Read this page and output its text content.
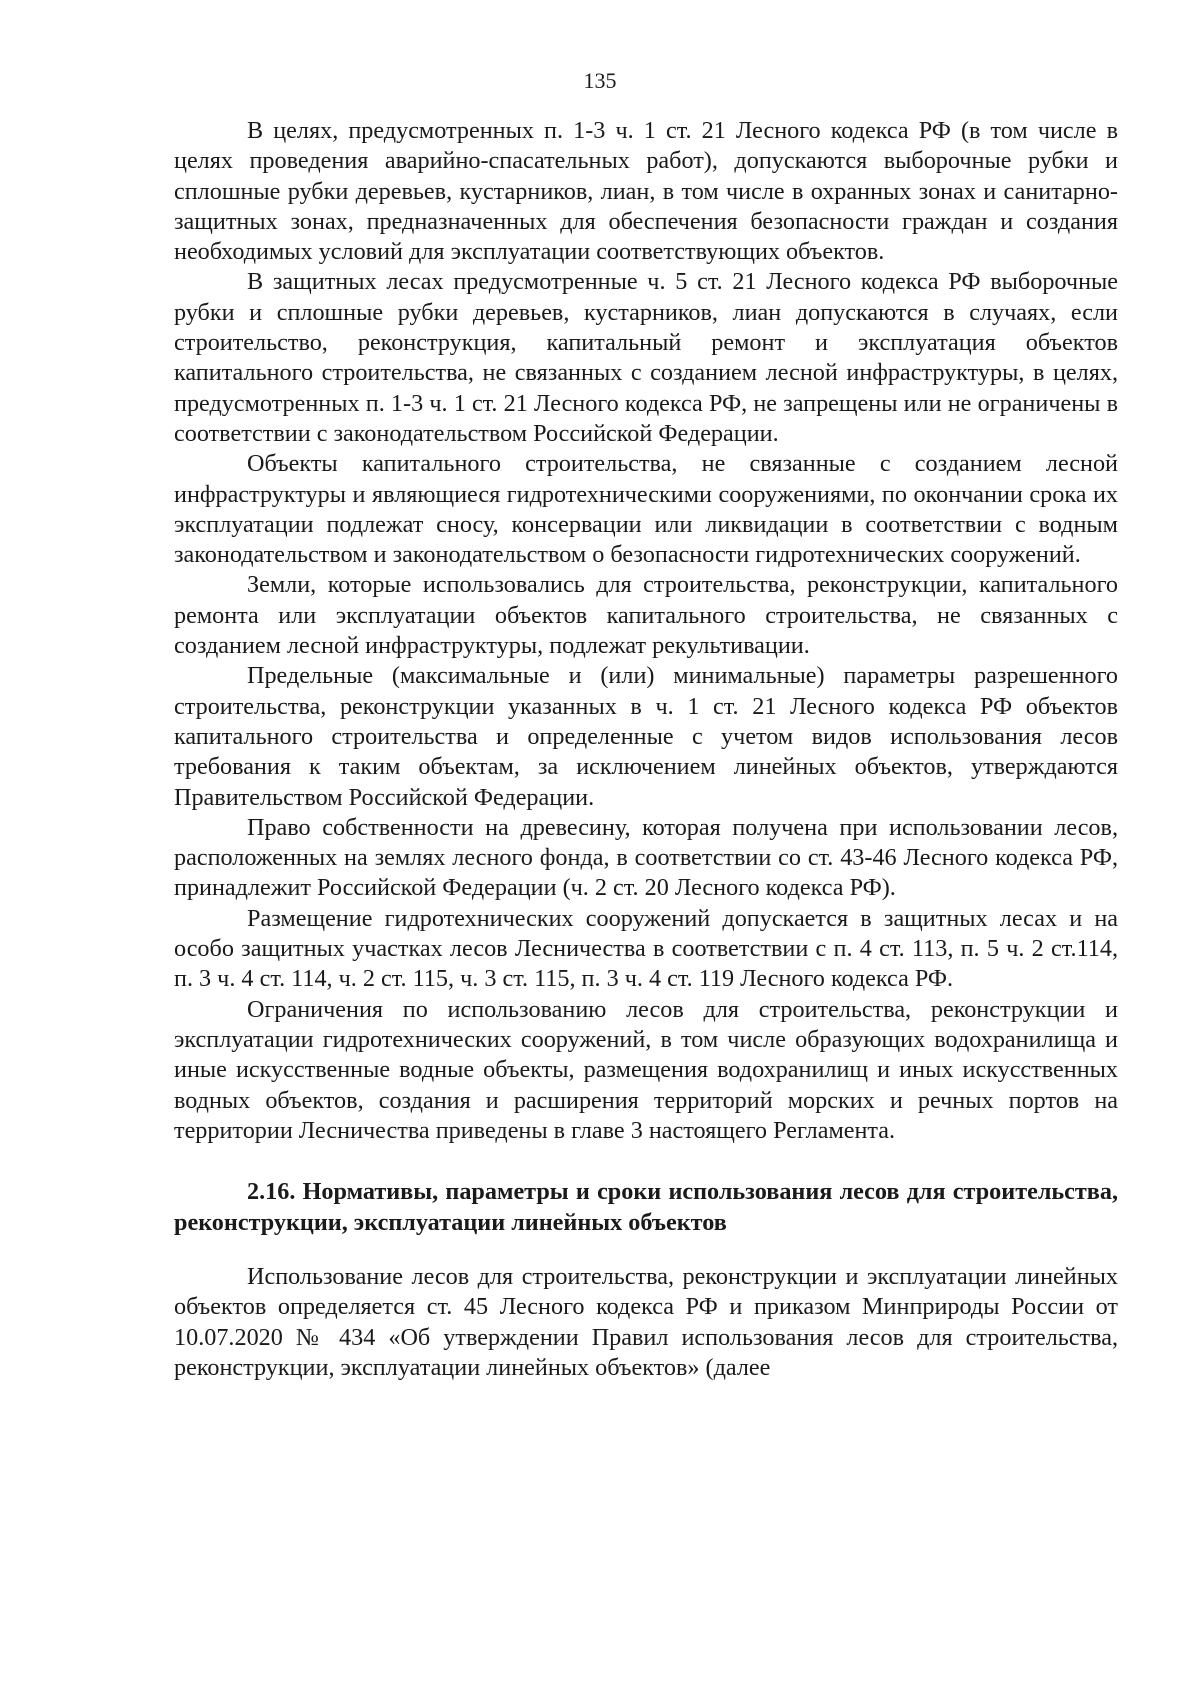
135

В целях, предусмотренных п. 1-3 ч. 1 ст. 21 Лесного кодекса РФ (в том числе в целях проведения аварийно-спасательных работ), допускаются выборочные рубки и сплошные рубки деревьев, кустарников, лиан, в том числе в охранных зонах и санитарно-защитных зонах, предназначенных для обеспечения безопасности граждан и создания необходимых условий для эксплуатации соответствующих объектов.

В защитных лесах предусмотренные ч. 5 ст. 21 Лесного кодекса РФ выборочные рубки и сплошные рубки деревьев, кустарников, лиан допускаются в случаях, если строительство, реконструкция, капитальный ремонт и эксплуатация объектов капитального строительства, не связанных с созданием лесной инфраструктуры, в целях, предусмотренных п. 1-3 ч. 1 ст. 21 Лесного кодекса РФ, не запрещены или не ограничены в соответствии с законодательством Российской Федерации.

Объекты капитального строительства, не связанные с созданием лесной инфраструктуры и являющиеся гидротехническими сооружениями, по окончании срока их эксплуатации подлежат сносу, консервации или ликвидации в соответствии с водным законодательством и законодательством о безопасности гидротехнических сооружений.

Земли, которые использовались для строительства, реконструкции, капитального ремонта или эксплуатации объектов капитального строительства, не связанных с созданием лесной инфраструктуры, подлежат рекультивации.

Предельные (максимальные и (или) минимальные) параметры разрешенного строительства, реконструкции указанных в ч. 1 ст. 21 Лесного кодекса РФ объектов капитального строительства и определенные с учетом видов использования лесов требования к таким объектам, за исключением линейных объектов, утверждаются Правительством Российской Федерации.

Право собственности на древесину, которая получена при использовании лесов, расположенных на землях лесного фонда, в соответствии со ст. 43-46 Лесного кодекса РФ, принадлежит Российской Федерации (ч. 2 ст. 20 Лесного кодекса РФ).

Размещение гидротехнических сооружений допускается в защитных лесах и на особо защитных участках лесов Лесничества в соответствии с п. 4 ст. 113, п. 5 ч. 2 ст.114, п. 3 ч. 4 ст. 114, ч. 2 ст. 115, ч. 3 ст. 115, п. 3 ч. 4 ст. 119 Лесного кодекса РФ.

Ограничения по использованию лесов для строительства, реконструкции и эксплуатации гидротехнических сооружений, в том числе образующих водохранилища и иные искусственные водные объекты, размещения водохранилищ и иных искусственных водных объектов, создания и расширения территорий морских и речных портов на территории Лесничества приведены в главе 3 настоящего Регламента.

2.16. Нормативы, параметры и сроки использования лесов для строительства, реконструкции, эксплуатации линейных объектов

Использование лесов для строительства, реконструкции и эксплуатации линейных объектов определяется ст. 45 Лесного кодекса РФ и приказом Минприроды России от 10.07.2020 № 434 «Об утверждении Правил использования лесов для строительства, реконструкции, эксплуатации линейных объектов» (далее
